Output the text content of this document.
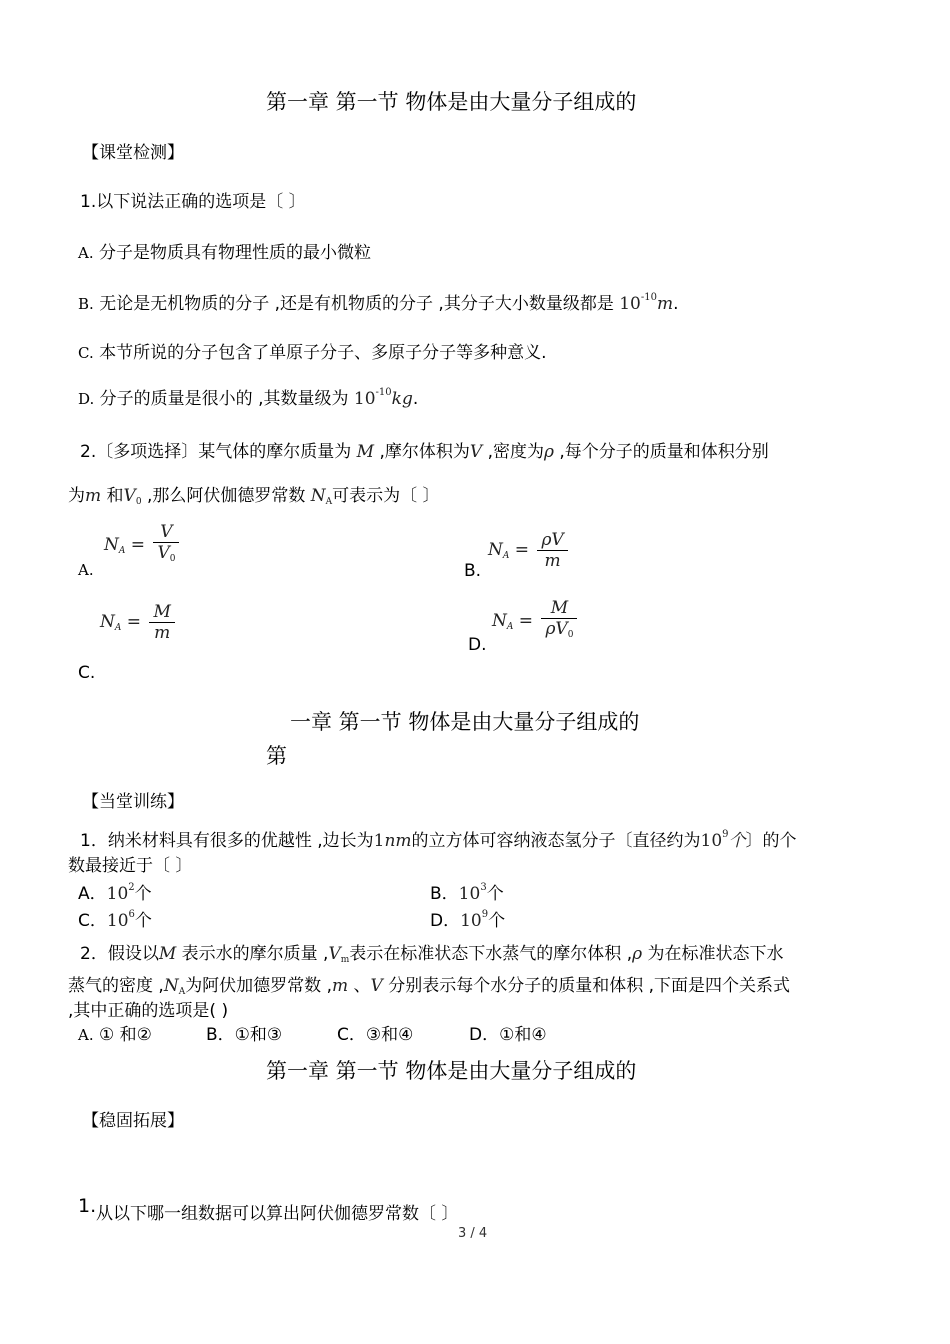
第一章 第一节 物体是由大量分子组成的
【课堂检测】
1.以下说法正确的选项是〔 〕
A. 分子是物质具有物理性质的最小微粒
B. 无论是无机物质的分子 ,还是有机物质的分子 ,其分子大小数量级都是 $10^{-10}m$.
C. 本节所说的分子包含了单原子分子、多原子分子等多种意义.
D. 分子的质量是很小的 ,其数量级为 $10^{-10}kg$.
2.〔多项选择〕某气体的摩尔质量为 M ,摩尔体积为V ,密度为ρ ,每个分子的质量和体积分别
为m 和$V_0$ ,那么阿伏伽德罗常数 $N_A$可表示为〔 〕
A.
$N_A = \frac{V}{V_0}$
B.
$N_A = \frac{\rho V}{m}$
$N_A = \frac{M}{m}$
C.
D.
$N_A = \frac{M}{\rho V_0}$
一章 第一节 物体是由大量分子组成的
第
【当堂训练】
1．纳米材料具有很多的优越性 ,边长为1nm的立方体可容纳液态氢分子〔直径约为$10^9$个〕的个
数最接近于〔 〕
A．$10^2$个	B．$10^3$个
C．$10^6$个	D．$10^9$个
2．假设以M 表示水的摩尔质量 $,V_m$表示在标准状态下水蒸气的摩尔体积 ,ρ 为在标准状态下水
蒸气的密度 $,N_A$为阿伏加德罗常数 ,m 、V 分别表示每个水分子的质量和体积 ,下面是四个关系式
,其中正确的选项是( )
A. ① 和②	B．①和③	C．③和④	D．①和④
第一章 第一节 物体是由大量分子组成的
【稳固拓展】
1. 从以下哪一组数据可以算出阿伏伽德罗常数〔 〕
3 / 4
